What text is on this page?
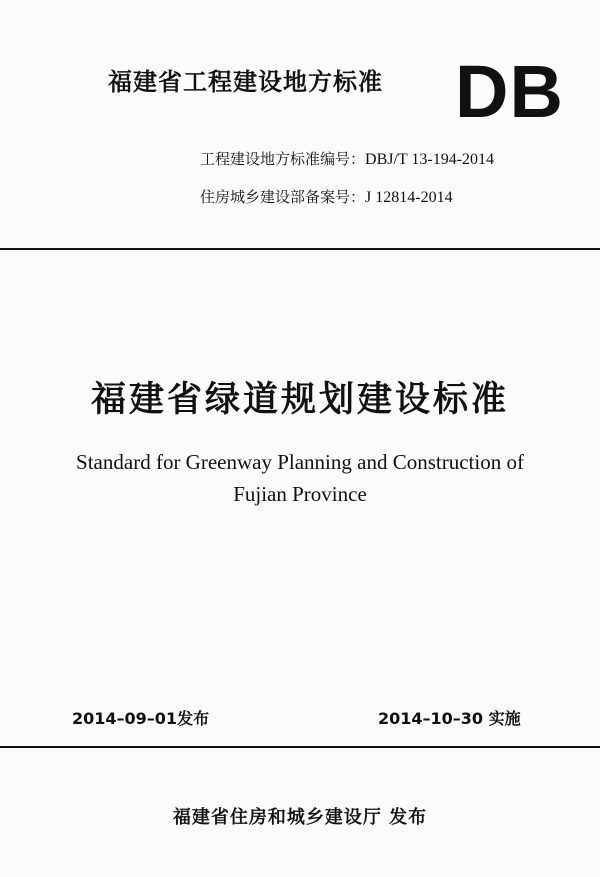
福建省工程建设地方标准 DB
工程建设地方标准编号：DBJ/T 13-194-2014
住房城乡建设部备案号：J 12814-2014
福建省绿道规划建设标准
Standard for Greenway Planning and Construction of
Fujian Province
2014–09–01发布	2014–10–30 实施
福建省住房和城乡建设厅 发布
